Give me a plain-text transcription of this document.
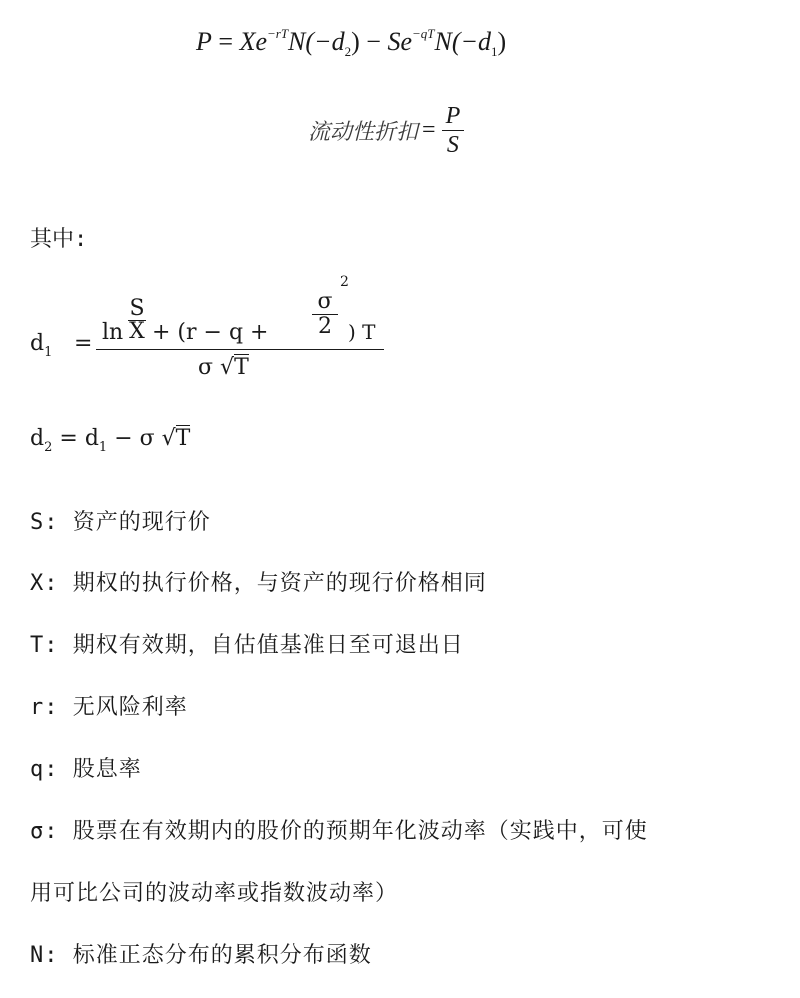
$P = Xe^{-rT}N(-d_2) - Se^{-qT}N(-d_1)$
流动性折扣 = $\frac{P}{S}$
其中:
$d_1 = \ln$
S
X + (r − q +
σ
2
2
) T
σ √T
$d_2 = d_1 - \sigma$ √T
S: 资产的现行价
X: 期权的执行价格，与资产的现行价格相同
T: 期权有效期，自估值基准日至可退出日
r: 无风险利率
q: 股息率
σ: 股票在有效期内的股价的预期年化波动率（实践中，可使
用可比公司的波动率或指数波动率）
N: 标准正态分布的累积分布函数
